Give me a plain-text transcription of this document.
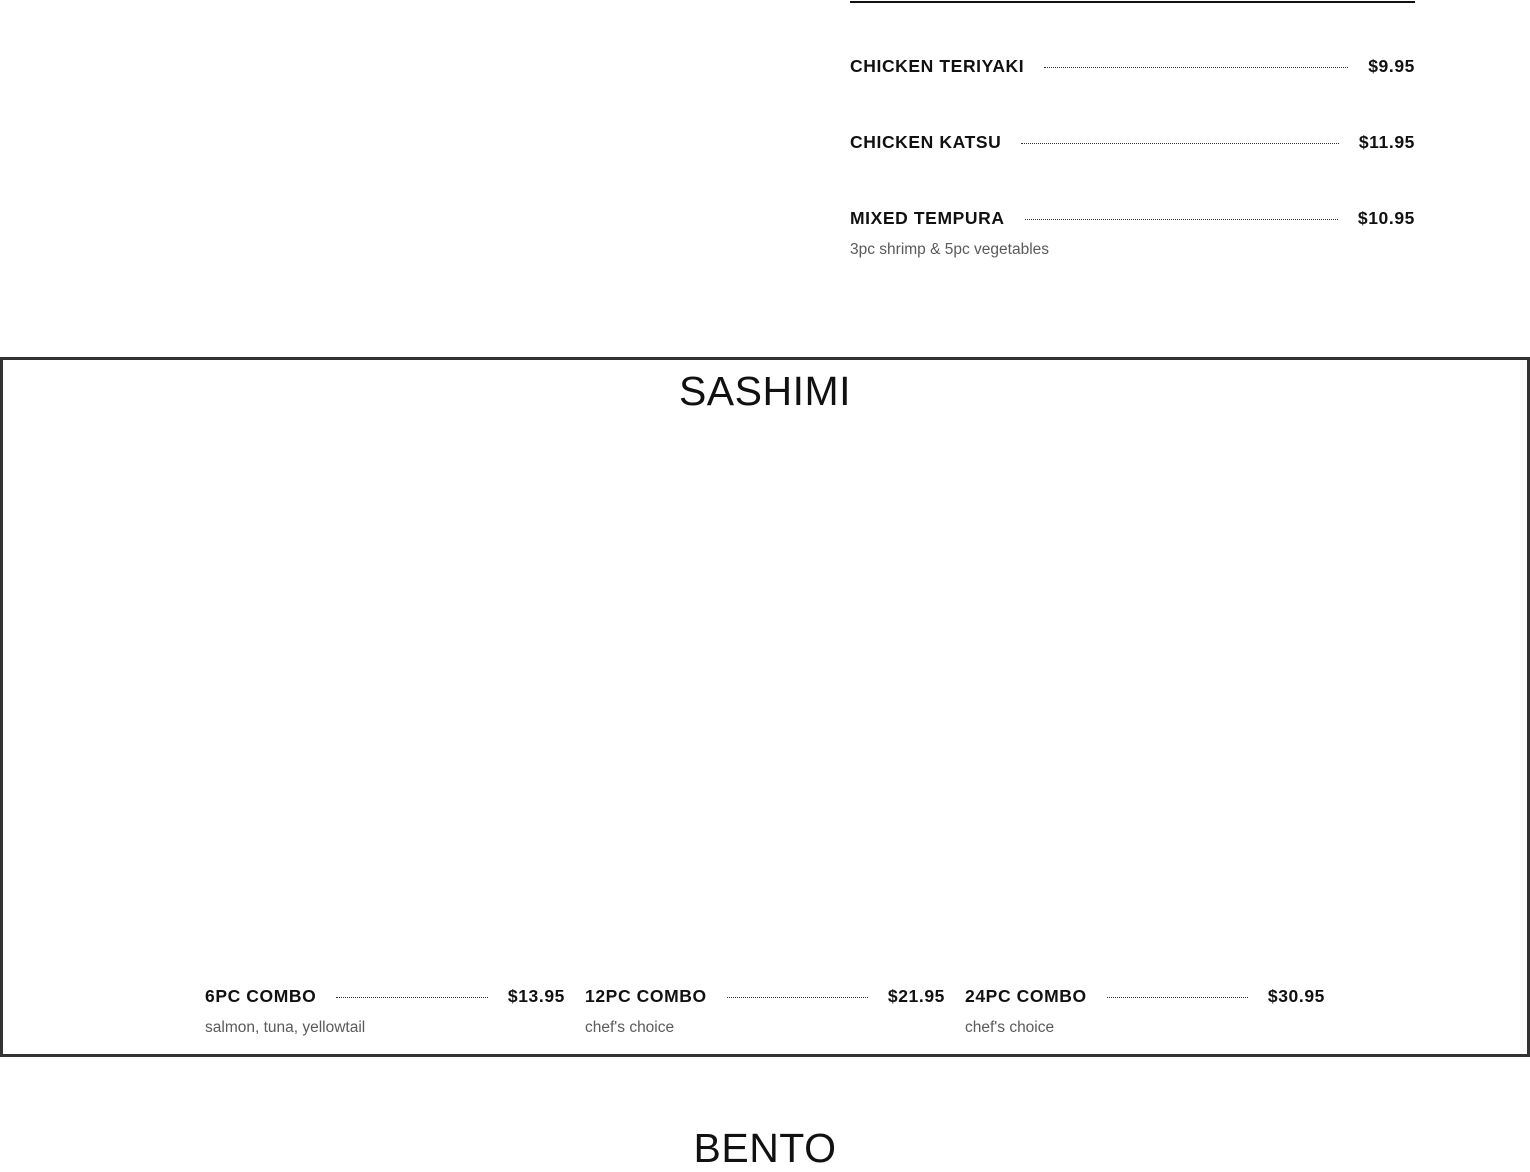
CHICKEN TERIYAKI	$9.95
CHICKEN KATSU	$11.95
MIXED TEMPURA	$10.95
3pc shrimp & 5pc vegetables
SASHIMI
6PC COMBO	$13.95
salmon, tuna, yellowtail
12PC COMBO	$21.95
chef's choice
24PC COMBO	$30.95
chef's choice
BENTO
